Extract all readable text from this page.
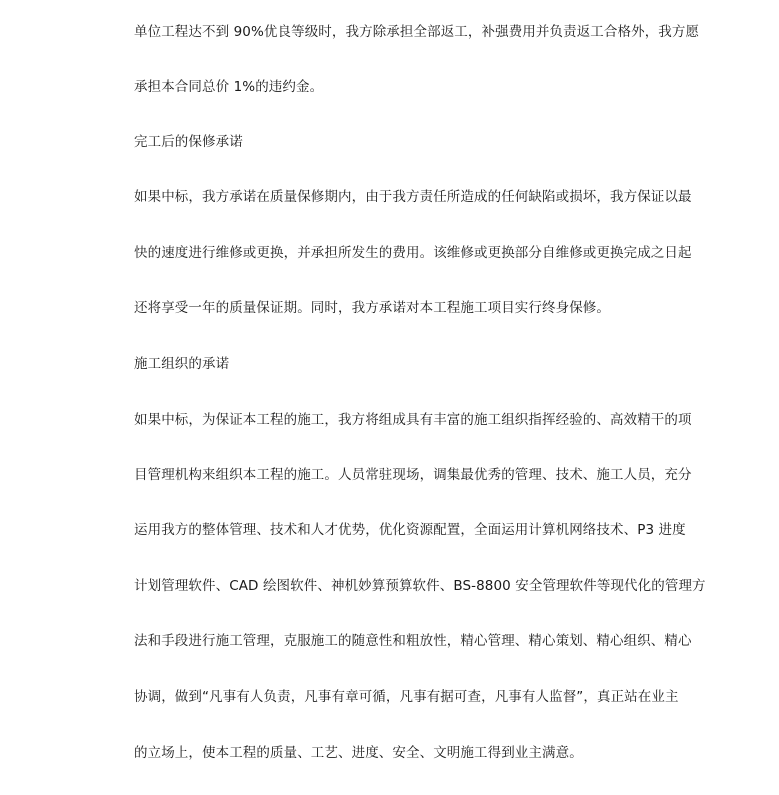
单位工程达不到 90%优良等级时，我方除承担全部返工，补强费用并负责返工合格外，我方愿
承担本合同总价 1%的违约金。
完工后的保修承诺
如果中标，我方承诺在质量保修期内，由于我方责任所造成的任何缺陷或损坏，我方保证以最
快的速度进行维修或更换，并承担所发生的费用。该维修或更换部分自维修或更换完成之日起
还将享受一年的质量保证期。同时，我方承诺对本工程施工项目实行终身保修。
施工组织的承诺
如果中标，为保证本工程的施工，我方将组成具有丰富的施工组织指挥经验的、高效精干的项
目管理机构来组织本工程的施工。人员常驻现场，调集最优秀的管理、技术、施工人员，充分
运用我方的整体管理、技术和人才优势，优化资源配置，全面运用计算机网络技术、P3 进度
计划管理软件、CAD 绘图软件、神机妙算预算软件、BS-8800 安全管理软件等现代化的管理方
法和手段进行施工管理，克服施工的随意性和粗放性，精心管理、精心策划、精心组织、精心
协调，做到“凡事有人负责，凡事有章可循，凡事有据可查，凡事有人监督”，真正站在业主
的立场上，使本工程的质量、工艺、进度、安全、文明施工得到业主满意。
